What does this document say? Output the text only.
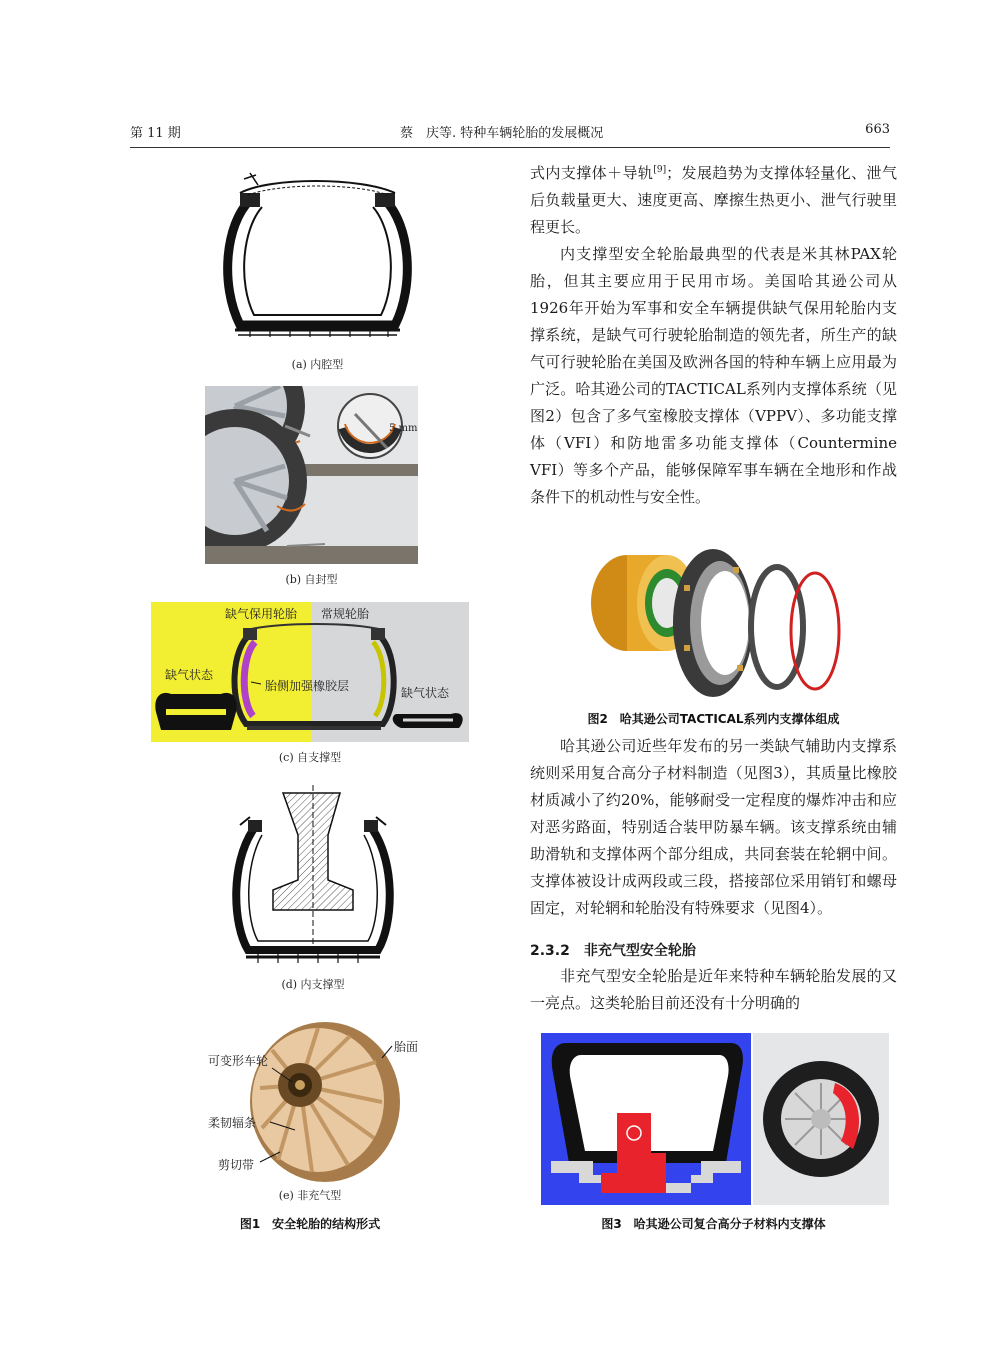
第 11 期	蔡　庆等. 特种车辆轮胎的发展概况	663
(a) 内腔型
5 mm
(b) 自封型
缺气保用轮胎 常规轮胎
缺气状态
胎侧加强橡胶层	缺气状态
(c) 自支撑型
(d) 内支撑型
胎面
可变形车轮
柔韧辐条
剪切带
(e) 非充气型
图1　安全轮胎的结构形式

式内支撑体＋导轨[9]；发展趋势为支撑体轻量化、泄气后负载量更大、速度更高、摩擦生热更小、泄气行驶里程更长。

内支撑型安全轮胎最典型的代表是米其林PAX轮胎，但其主要应用于民用市场。美国哈其逊公司从1926年开始为军事和安全车辆提供缺气保用轮胎内支撑系统，是缺气可行驶轮胎制造的领先者，所生产的缺气可行驶轮胎在美国及欧洲各国的特种车辆上应用最为广泛。哈其逊公司的TACTICAL系列内支撑体系统（见图2）包含了多气室橡胶支撑体（VPPV）、多功能支撑体（VFI）和防地雷多功能支撑体（Countermine VFI）等多个产品，能够保障军事车辆在全地形和作战条件下的机动性与安全性。

图2　哈其逊公司TACTICAL系列内支撑体组成

哈其逊公司近些年发布的另一类缺气辅助内支撑系统则采用复合高分子材料制造（见图3），其质量比橡胶材质减小了约20%，能够耐受一定程度的爆炸冲击和应对恶劣路面，特别适合装甲防暴车辆。该支撑系统由辅助滑轨和支撑体两个部分组成，共同套装在轮辋中间。支撑体被设计成两段或三段，搭接部位采用销钉和螺母固定，对轮辋和轮胎没有特殊要求（见图4）。

2.3.2　非充气型安全轮胎

非充气型安全轮胎是近年来特种车辆轮胎发展的又一亮点。这类轮胎目前还没有十分明确的

图3　哈其逊公司复合高分子材料内支撑体
